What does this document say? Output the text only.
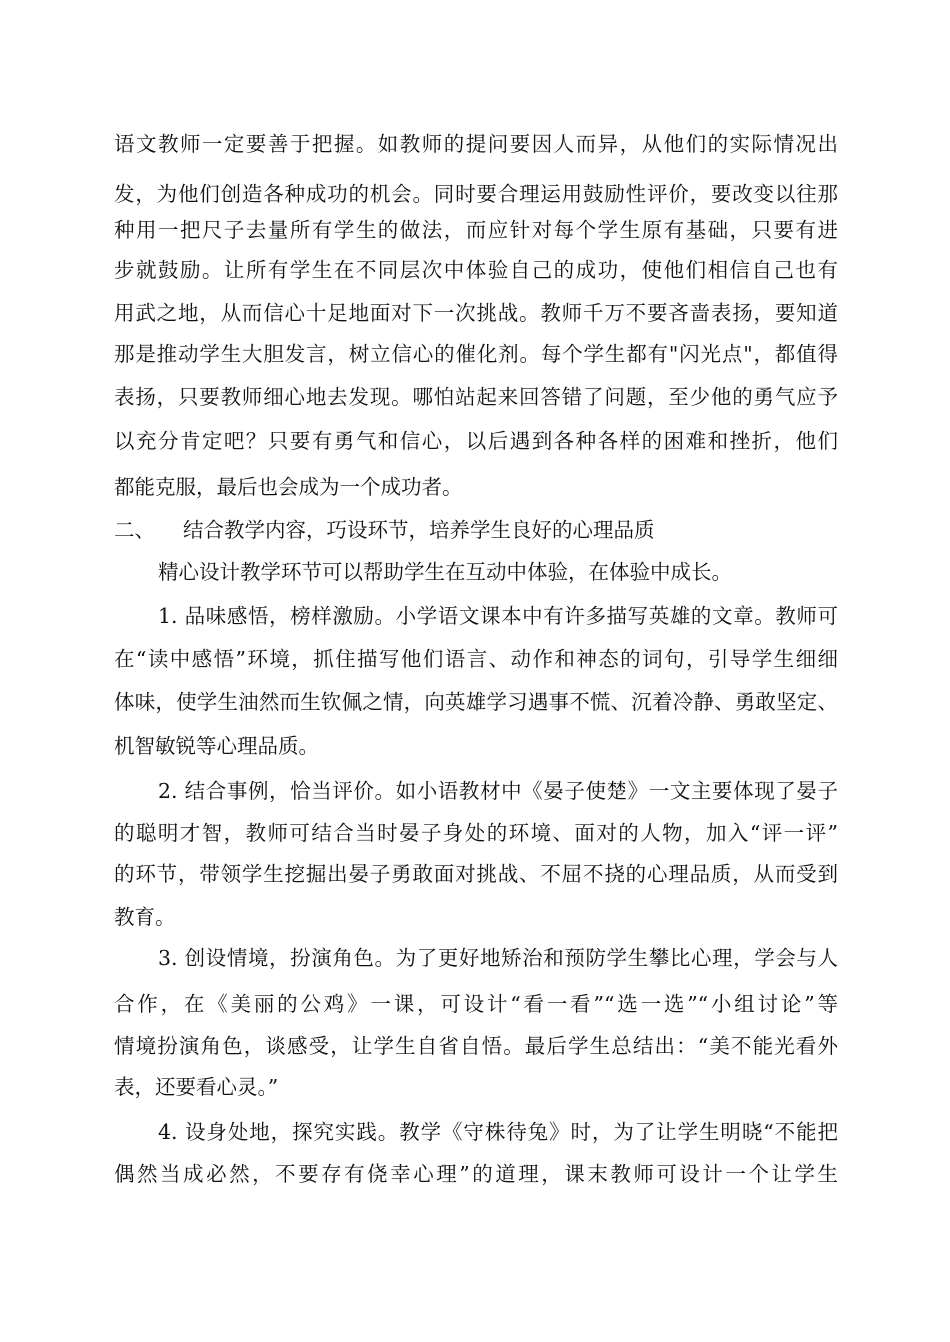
语文教师一定要善于把握。如教师的提问要因人而异，从他们的实际情况出
发，为他们创造各种成功的机会。同时要合理运用鼓励性评价，要改变以往那
种用一把尺子去量所有学生的做法，而应针对每个学生原有基础，只要有进
步就鼓励。让所有学生在不同层次中体验自己的成功，使他们相信自己也有
用武之地，从而信心十足地面对下一次挑战。教师千万不要吝啬表扬，要知道
那是推动学生大胆发言，树立信心的催化剂。每个学生都有"闪光点"，都值得
表扬，只要教师细心地去发现。哪怕站起来回答错了问题，至少他的勇气应予
以充分肯定吧？只要有勇气和信心，以后遇到各种各样的困难和挫折，他们
都能克服，最后也会成为一个成功者。
二、 结合教学内容，巧设环节，培养学生良好的心理品质
精心设计教学环节可以帮助学生在互动中体验，在体验中成长。
1. 品味感悟，榜样激励。小学语文课本中有许多描写英雄的文章。教师可
在“读中感悟”环境，抓住描写他们语言、动作和神态的词句，引导学生细细
体味，使学生油然而生钦佩之情，向英雄学习遇事不慌、沉着冷静、勇敢坚定、
机智敏锐等心理品质。
2. 结合事例，恰当评价。如小语教材中《晏子使楚》一文主要体现了晏子
的聪明才智，教师可结合当时晏子身处的环境、面对的人物，加入“评一评”
的环节，带领学生挖掘出晏子勇敢面对挑战、不屈不挠的心理品质，从而受到
教育。
3. 创设情境，扮演角色。为了更好地矫治和预防学生攀比心理，学会与人
合作，在《美丽的公鸡》一课，可设计“看一看”“选一选”“小组讨论”等
情境扮演角色，谈感受，让学生自省自悟。最后学生总结出：“美不能光看外
表，还要看心灵。”
4. 设身处地，探究实践。教学《守株待兔》时，为了让学生明晓“不能把
偶然当成必然，不要存有侥幸心理”的道理，课末教师可设计一个让学生
